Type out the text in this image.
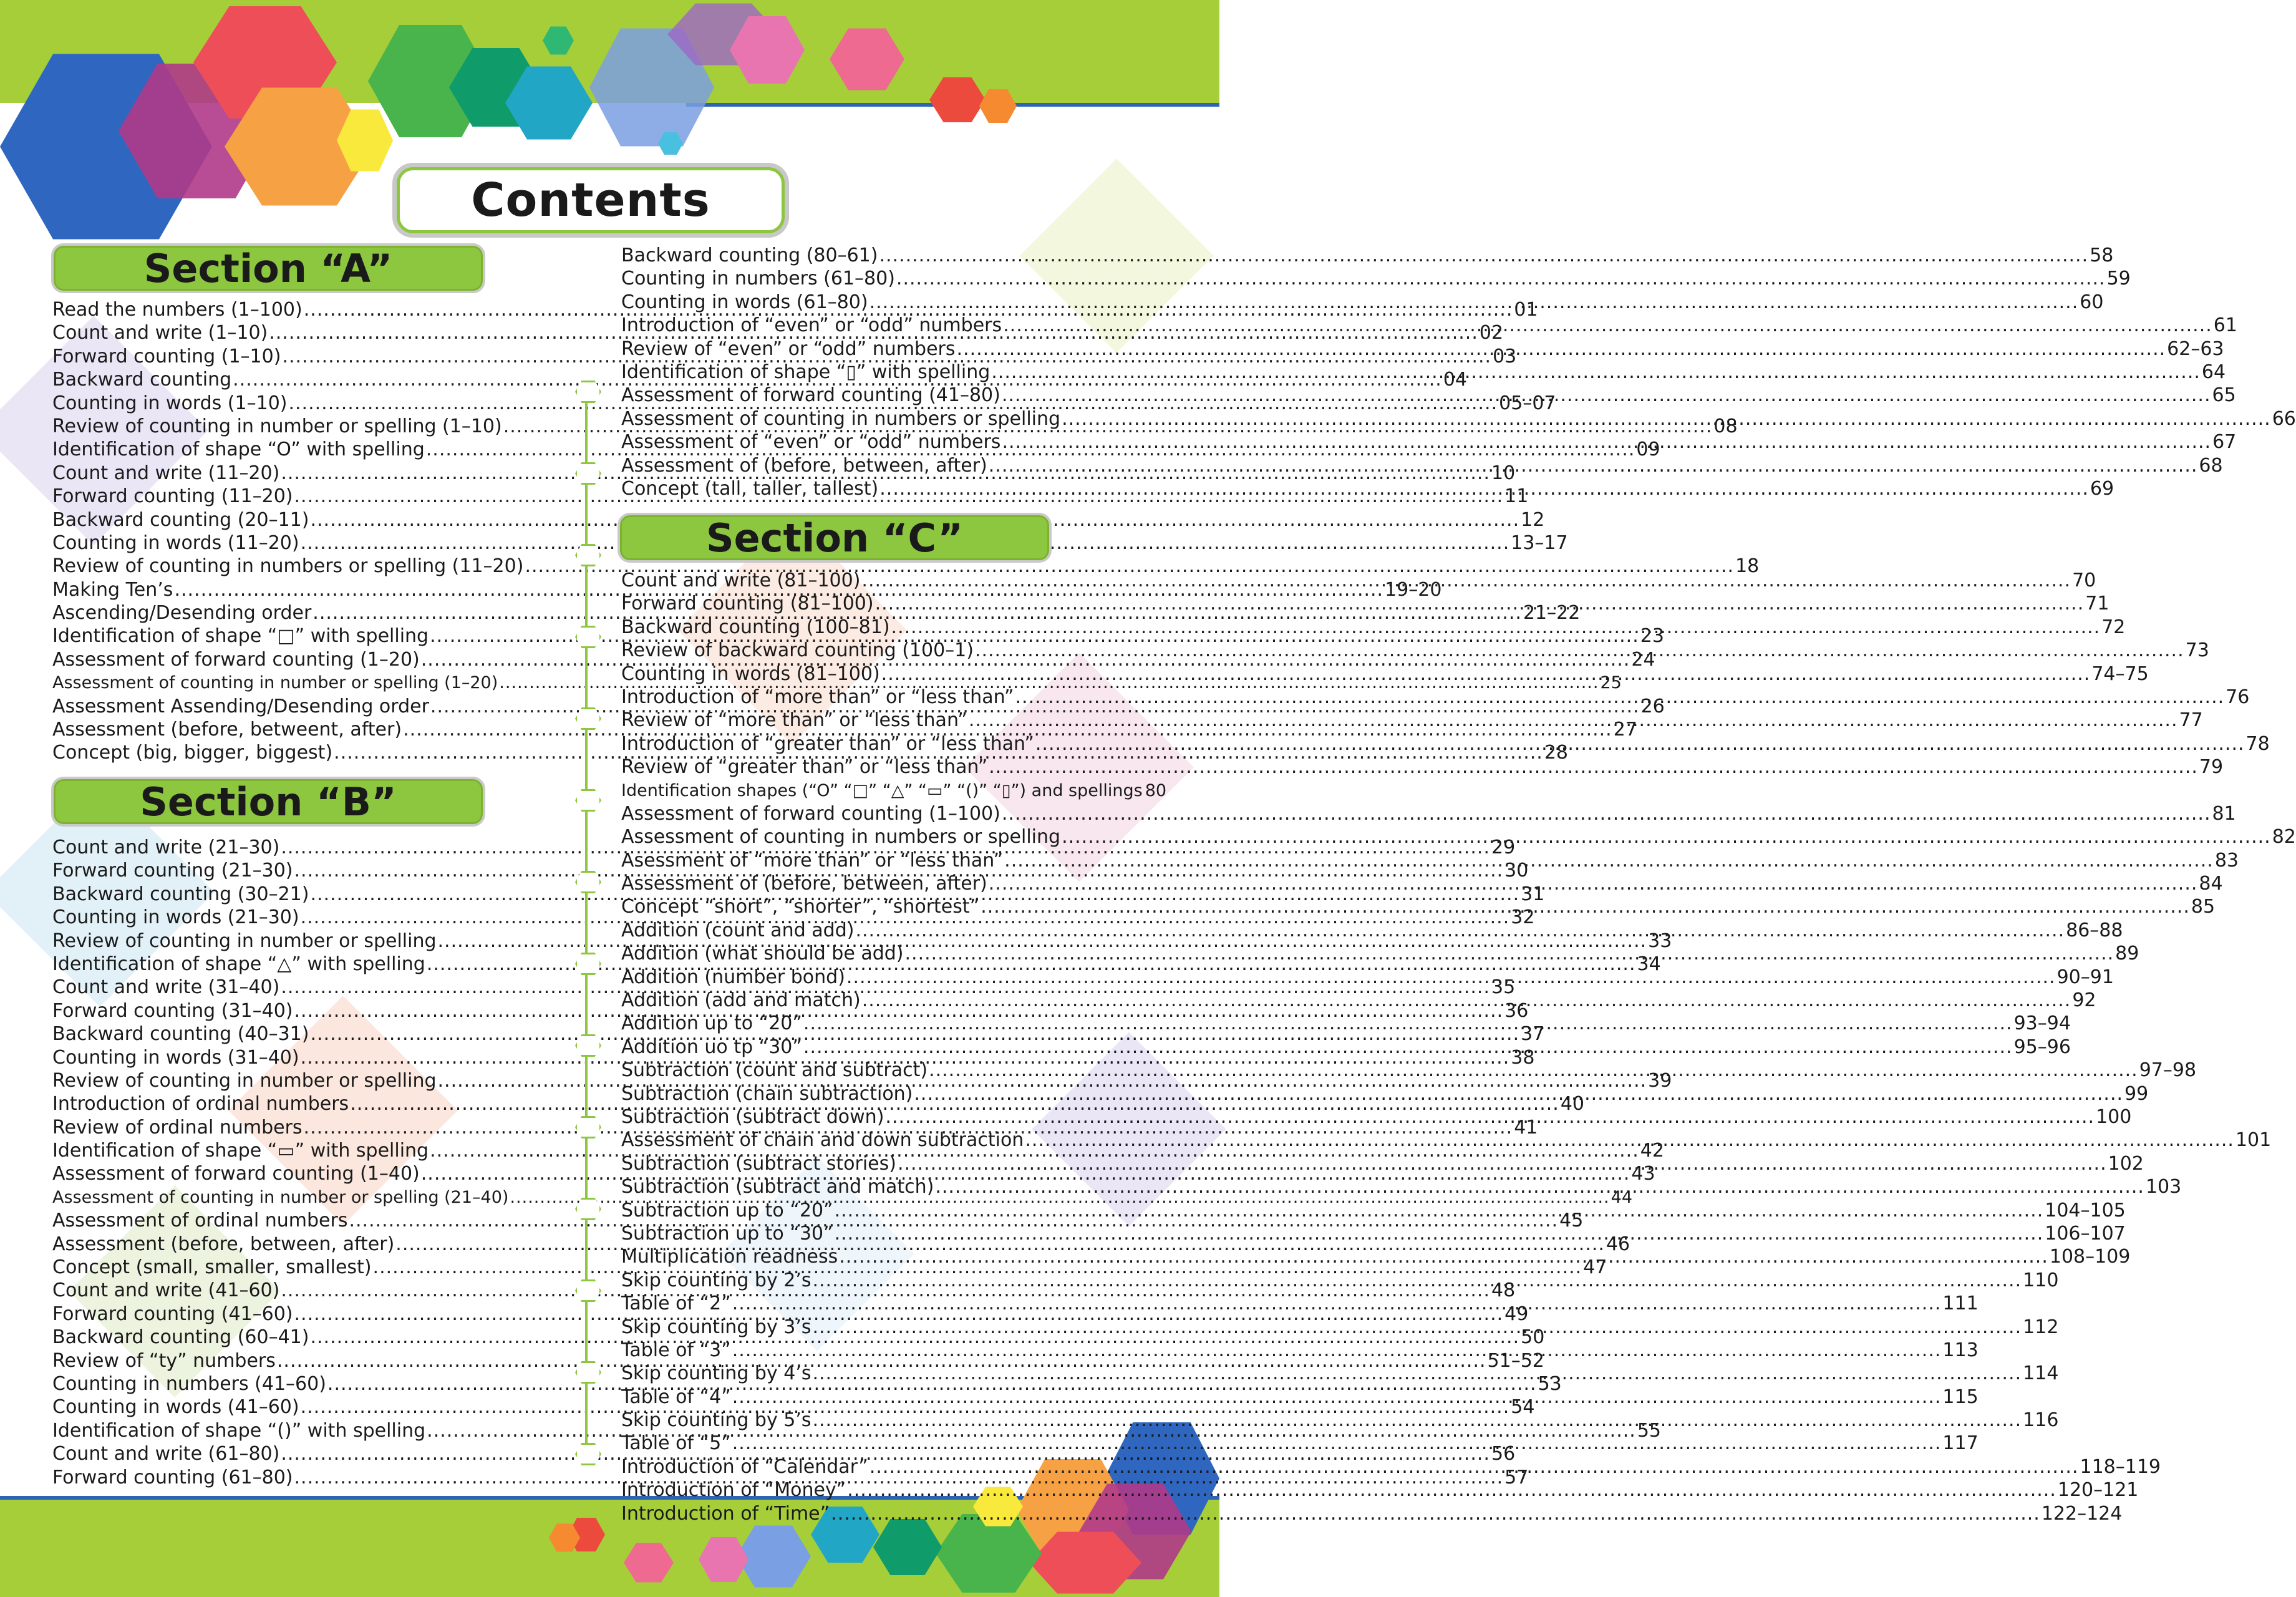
Contents
Section “A”
Read the numbers (1–100) .....	01
Count and write (1–10) .....	02
Forward counting (1–10) .....	03
Backward counting .....	04
Counting in words (1–10) .....	05–07
Review of counting in number or spelling (1–10) .....	08
Identification of shape “O” with spelling .....	09
Count and write (11–20) .....	10
Forward counting (11–20) .....	11
Backward counting (20–11) .....	12
Counting in words (11–20) .....	13–17
Review of counting in numbers or spelling (11–20) .....	18
Making Ten’s .....	19–20
Ascending/Desending order .....	21–22
Identification of shape “□” with spelling .....	23
Assessment of forward counting (1–20) .....	24
Assessment of counting in number or spelling (1–20) .....	25
Assessment Assending/Desending order .....	26
Assessment (before, betweent, after) .....	27
Concept (big, bigger, biggest) .....	28
Section “B”
Count and write (21–30) .....	29
Forward counting (21–30) .....	30
Backward counting (30–21) .....	31
Counting in words (21–30) .....	32
Review of counting in number or spelling .....	33
Identification of shape “△” with spelling .....	34
Count and write (31–40) .....	35
Forward counting (31–40) .....	36
Backward counting (40–31) .....	37
Counting in words (31–40) .....	38
Review of counting in number or spelling .....	39
Introduction of ordinal numbers .....	40
Review of ordinal numbers .....	41
Identification of shape “▭” with spelling .....	42
Assessment of forward counting (1–40) .....	43
Assessment of counting in number or spelling (21–40) .....	44
Assessment of ordinal numbers .....	45
Assessment (before, between, after) .....	46
Concept (small, smaller, smallest) .....	47
Count and write (41–60) .....	48
Forward counting (41–60) .....	49
Backward counting (60–41) .....	50
Review of “ty” numbers .....	51–52
Counting in numbers (41–60) .....	53
Counting in words (41–60) .....	54
Identification of shape “()” with spelling .....	55
Count and write (61–80) .....	56
Forward counting (61–80) .....	57
Backward counting (80–61) .....	58
Counting in numbers (61–80) .....	59
Counting in words (61–80) .....	60
Introduction of “even” or “odd” numbers .....	61
Review of “even” or “odd” numbers .....	62–63
Identification of shape “▯” with spelling .....	64
Assessment of forward counting (41–80) .....	65
Assessment of counting in numbers or spelling .....	66
Assessment of “even” or “odd” numbers .....	67
Assessment of (before, between, after) .....	68
Concept (tall, taller, tallest) .....	69
Section “C”
Count and write (81–100) .....	70
Forward counting (81–100) .....	71
Backward counting (100–81) .....	72
Review of backward counting (100–1) .....	73
Counting in words (81–100) .....	74–75
Introduction of “more than” or “less than” .....	76
Review of “more than” or “less than” .....	77
Introduction of “greater than” or “less than” .....	78
Review of “greater than” or “less than” .....	79
Identification shapes (“O” “□” “△” “▭” “()” “▯”) and spellings 80
Assessment of forward counting (1–100) .....	81
Assessment of counting in numbers or spelling .....	82
Asessment of “more than” or “less than” .....	83
Assessment of (before, between, after) .....	84
Concept “short”, “shorter”, “shortest” .....	85
Addition (count and add) .....	86–88
Addition (what should be add) .....	89
Addition (number bond) .....	90–91
Addition (add and match) .....	92
Addition up to “20” .....	93–94
Addition uo tp “30” .....	95–96
Subtraction (count and subtract) .....	97–98
Subtraction (chain subtraction) .....	99
Subtraction (subtract down) .....	100
Assessment of chain and down subtraction .....	101
Subtraction (subtract stories) .....	102
Subtraction (subtract and match) .....	103
Subtraction up to “20” .....	104–105
Subtraction up to “30” .....	106–107
Multiplication readness .....	108–109
Skip counting by 2’s .....	110
Table of “2” .....	111
Skip counting by 3’s .....	112
Table of “3” .....	113
Skip counting by 4’s .....	114
Table of “4” .....	115
Skip counting by 5’s .....	116
Table of “5” .....	117
Introduction of “Calendar” .....	118–119
Introduction of “Money” .....	120–121
Introduction of “Time” .....	122–124
